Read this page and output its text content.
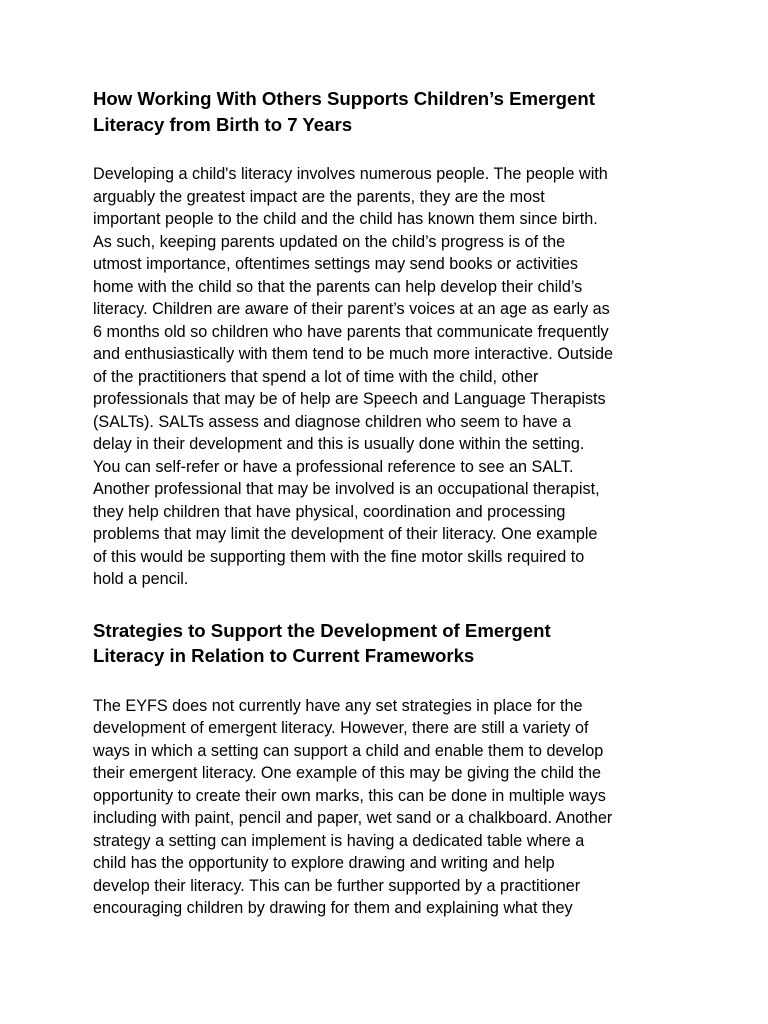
How Working With Others Supports Children’s Emergent
Literacy from Birth to 7 Years

Developing a child's literacy involves numerous people. The people with
arguably the greatest impact are the parents, they are the most
important people to the child and the child has known them since birth.
As such, keeping parents updated on the child’s progress is of the
utmost importance, oftentimes settings may send books or activities
home with the child so that the parents can help develop their child’s
literacy. Children are aware of their parent’s voices at an age as early as
6 months old so children who have parents that communicate frequently
and enthusiastically with them tend to be much more interactive. Outside
of the practitioners that spend a lot of time with the child, other
professionals that may be of help are Speech and Language Therapists
(SALTs). SALTs assess and diagnose children who seem to have a
delay in their development and this is usually done within the setting.
You can self-refer or have a professional reference to see an SALT.
Another professional that may be involved is an occupational therapist,
they help children that have physical, coordination and processing
problems that may limit the development of their literacy. One example
of this would be supporting them with the fine motor skills required to
hold a pencil.

Strategies to Support the Development of Emergent
Literacy in Relation to Current Frameworks

The EYFS does not currently have any set strategies in place for the
development of emergent literacy. However, there are still a variety of
ways in which a setting can support a child and enable them to develop
their emergent literacy. One example of this may be giving the child the
opportunity to create their own marks, this can be done in multiple ways
including with paint, pencil and paper, wet sand or a chalkboard. Another
strategy a setting can implement is having a dedicated table where a
child has the opportunity to explore drawing and writing and help
develop their literacy. This can be further supported by a practitioner
encouraging children by drawing for them and explaining what they
